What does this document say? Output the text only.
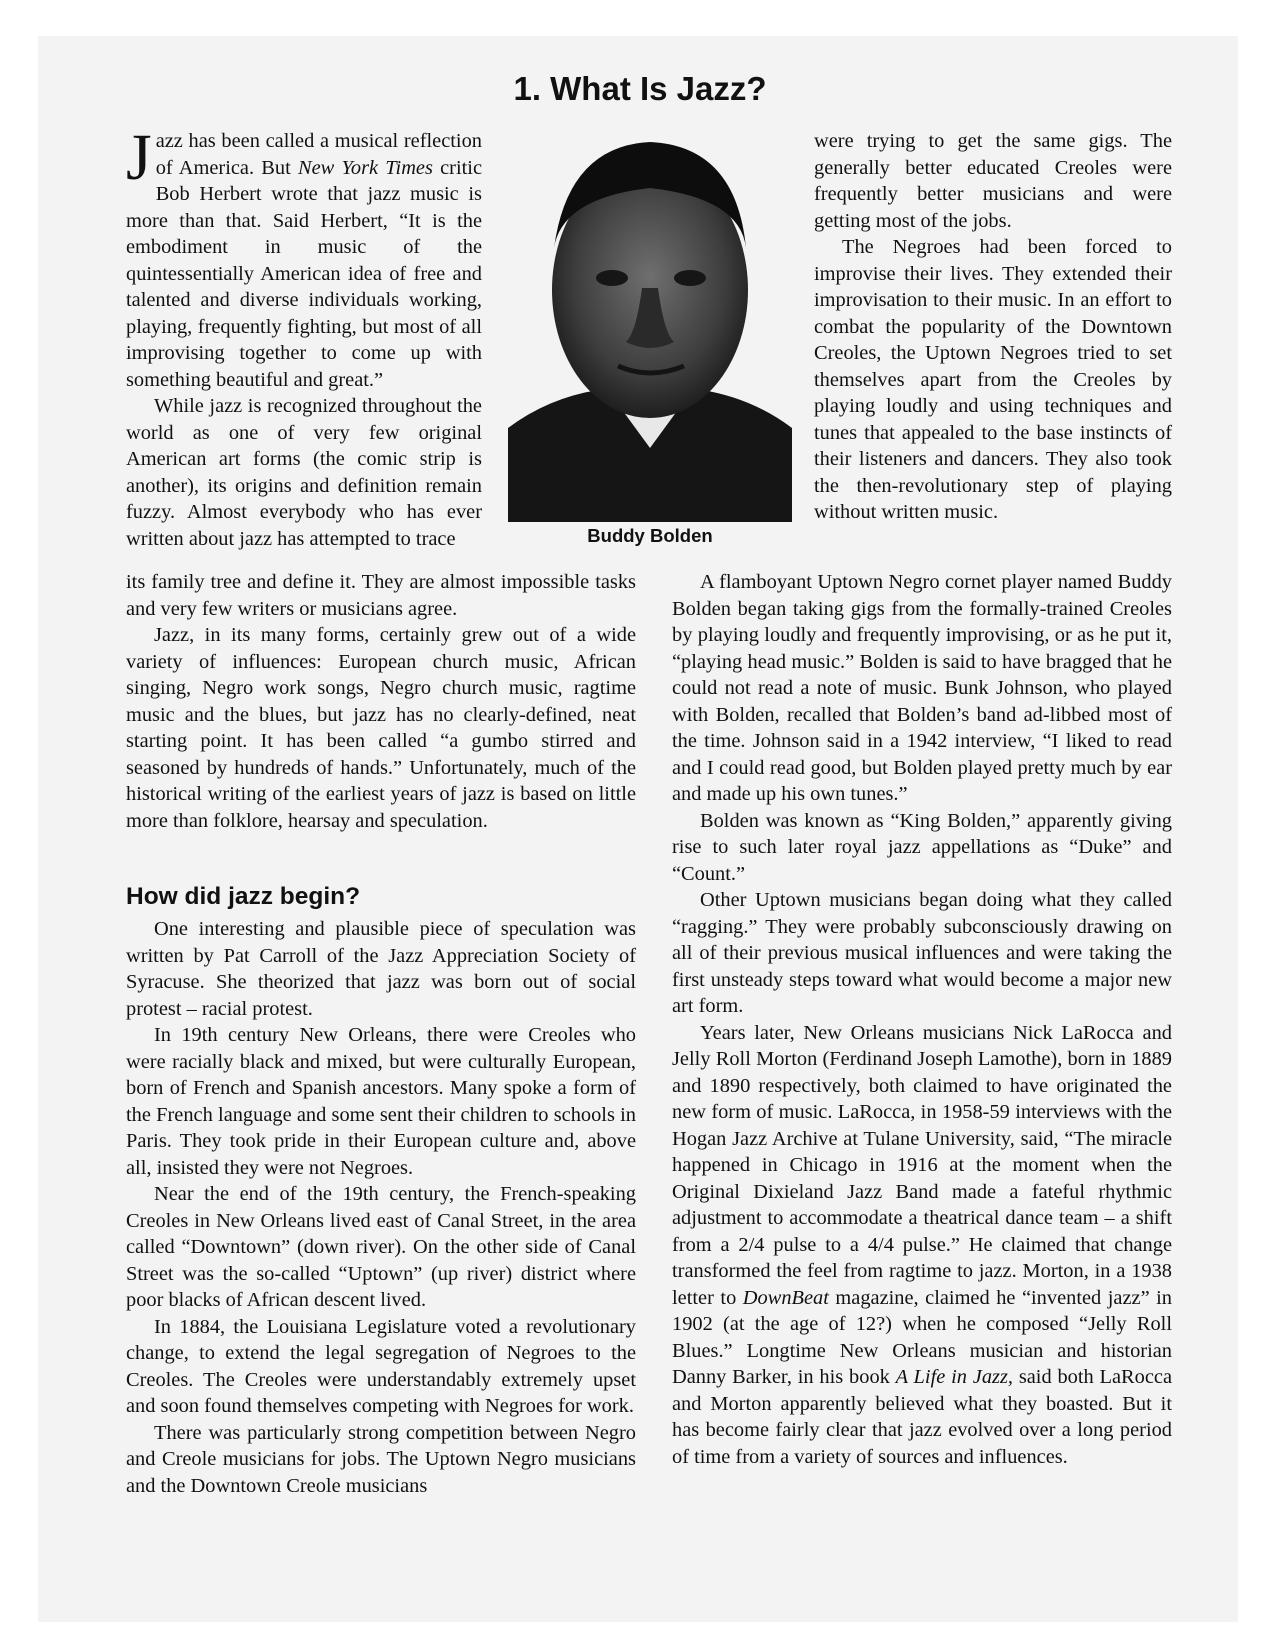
1. What Is Jazz?

Jazz has been called a musical reflection of America. But New York Times critic Bob Herbert wrote that jazz music is more than that. Said Herbert, “It is the embodiment in music of the quintessentially American idea of free and talented and diverse individuals working, playing, frequently fighting, but most of all improvising together to come up with something beautiful and great.”

While jazz is recognized throughout the world as one of very few original American art forms (the comic strip is another), its origins and definition remain fuzzy. Almost everybody who has ever written about jazz has attempted to trace	Buddy Bolden

its family tree and define it. They are almost impossible tasks and very few writers or musicians agree.

Jazz, in its many forms, certainly grew out of a wide variety of influences: European church music, African singing, Negro work songs, Negro church music, ragtime music and the blues, but jazz has no clearly-defined, neat starting point. It has been called “a gumbo stirred and seasoned by hundreds of hands.” Unfortunately, much of the historical writing of the earliest years of jazz is based on little more than folklore, hearsay and speculation.

How did jazz begin?

One interesting and plausible piece of speculation was written by Pat Carroll of the Jazz Appreciation Society of Syracuse. She theorized that jazz was born out of social protest – racial protest.

In 19th century New Orleans, there were Creoles who were racially black and mixed, but were culturally European, born of French and Spanish ancestors. Many spoke a form of the French language and some sent their children to schools in Paris. They took pride in their European culture and, above all, insisted they were not Negroes.

Near the end of the 19th century, the French-speaking Creoles in New Orleans lived east of Canal Street, in the area called “Downtown” (down river). On the other side of Canal Street was the so-called “Uptown” (up river) district where poor blacks of African descent lived.

In 1884, the Louisiana Legislature voted a revolutionary change, to extend the legal segregation of Negroes to the Creoles. The Creoles were understandably extremely upset and soon found themselves competing with Negroes for work.

There was particularly strong competition between Negro and Creole musicians for jobs. The Uptown Negro musicians and the Downtown Creole musicians

were trying to get the same gigs. The generally better educated Creoles were frequently better musicians and were getting most of the jobs.

The Negroes had been forced to improvise their lives. They extended their improvisation to their music. In an effort to combat the popularity of the Downtown Creoles, the Uptown Negroes tried to set themselves apart from the Creoles by playing loudly and using techniques and tunes that appealed to the base instincts of their listeners and dancers. They also took the then-revolutionary step of playing without written music.

A flamboyant Uptown Negro cornet player named Buddy Bolden began taking gigs from the formally-trained Creoles by playing loudly and frequently improvising, or as he put it, “playing head music.” Bolden is said to have bragged that he could not read a note of music. Bunk Johnson, who played with Bolden, recalled that Bolden’s band ad-libbed most of the time. Johnson said in a 1942 interview, “I liked to read and I could read good, but Bolden played pretty much by ear and made up his own tunes.”

Bolden was known as “King Bolden,” apparently giving rise to such later royal jazz appellations as “Duke” and “Count.”

Other Uptown musicians began doing what they called “ragging.” They were probably subconsciously drawing on all of their previous musical influences and were taking the first unsteady steps toward what would become a major new art form.

Years later, New Orleans musicians Nick LaRocca and Jelly Roll Morton (Ferdinand Joseph Lamothe), born in 1889 and 1890 respectively, both claimed to have originated the new form of music. LaRocca, in 1958-59 interviews with the Hogan Jazz Archive at Tulane University, said, “The miracle happened in Chicago in 1916 at the moment when the Original Dixieland Jazz Band made a fateful rhythmic adjustment to accommodate a theatrical dance team – a shift from a 2/4 pulse to a 4/4 pulse.” He claimed that change transformed the feel from ragtime to jazz. Morton, in a 1938 letter to DownBeat magazine, claimed he “invented jazz” in 1902 (at the age of 12?) when he composed “Jelly Roll Blues.” Longtime New Orleans musician and historian Danny Barker, in his book A Life in Jazz, said both LaRocca and Morton apparently believed what they boasted. But it has become fairly clear that jazz evolved over a long period of time from a variety of sources and influences.
